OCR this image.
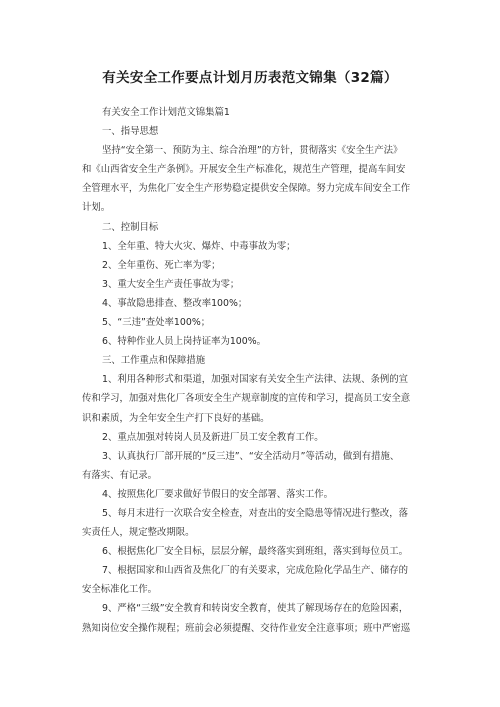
有关安全工作要点计划月历表范文锦集（32篇）

有关安全工作计划范文锦集篇1

一、指导思想

坚持“安全第一、预防为主、综合治理”的方针，贯彻落实《安全生产法》

和《山西省安全生产条例》。开展安全生产标准化，规范生产管理，提高车间安

全管理水平，为焦化厂安全生产形势稳定提供安全保障。努力完成车间安全工作

计划。

二、控制目标

1、全年重、特大火灾、爆炸、中毒事故为零；

2、全年重伤、死亡率为零；

3、重大安全生产责任事故为零；

4、事故隐患排查、整改率100%；

5、“三违”查处率100%；

6、特种作业人员上岗持证率为100%。

三、工作重点和保障措施

1、利用各种形式和渠道，加强对国家有关安全生产法律、法规、条例的宣

传和学习，加强对焦化厂各项安全生产规章制度的宣传和学习，提高员工安全意

识和素质，为全年安全生产打下良好的基础。

2、重点加强对转岗人员及新进厂员工安全教育工作。

3、认真执行厂部开展的“反三违”、“安全活动月”等活动，做到有措施、

有落实、有记录。

4、按照焦化厂要求做好节假日的安全部署、落实工作。

5、每月末进行一次联合安全检查，对查出的安全隐患等情况进行整改，落

实责任人，规定整改期限。

6、根据焦化厂安全目标，层层分解，最终落实到班组，落实到每位员工。

7、根据国家和山西省及焦化厂的有关要求，完成危险化学品生产、储存的

安全标准化工作。

9、严格“三级”安全教育和转岗安全教育，使其了解现场存在的危险因素，

熟知岗位安全操作规程；班前会必须提醒、交待作业安全注意事项；班中严密巡
